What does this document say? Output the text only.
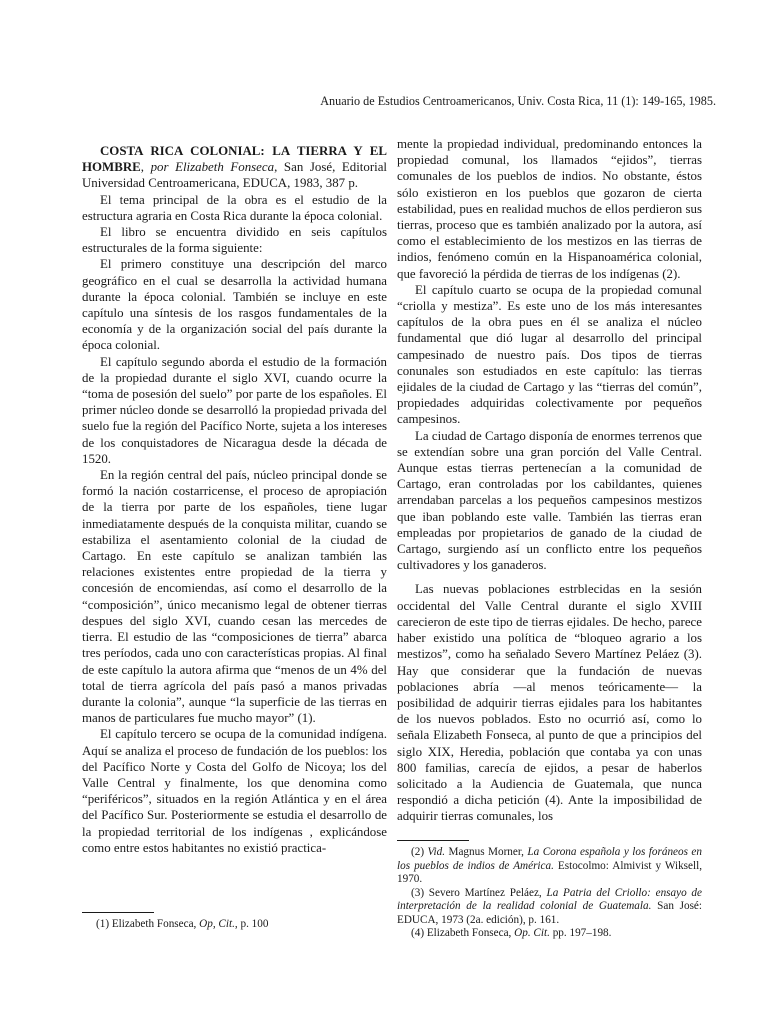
Anuario de Estudios Centroamericanos, Univ. Costa Rica, 11 (1): 149-165, 1985.

COSTA RICA COLONIAL: LA TIERRA Y EL HOMBRE, por Elizabeth Fonseca, San José, Editorial Universidad Centroamericana, EDUCA, 1983, 387 p.

El tema principal de la obra es el estudio de la estructura agraria en Costa Rica durante la época colonial.

El libro se encuentra dividido en seis capítulos estructurales de la forma siguiente:

El primero constituye una descripción del marco geográfico en el cual se desarrolla la actividad humana durante la época colonial. También se incluye en este capítulo una síntesis de los rasgos fundamentales de la economía y de la organización social del país durante la época colonial.

El capítulo segundo aborda el estudio de la formación de la propiedad durante el siglo XVI, cuando ocurre la “toma de posesión del suelo” por parte de los españoles. El primer núcleo donde se desarrolló la propiedad privada del suelo fue la región del Pacífico Norte, sujeta a los intereses de los conquistadores de Nicaragua desde la década de 1520.

En la región central del país, núcleo principal donde se formó la nación costarricense, el proceso de apropiación de la tierra por parte de los españoles, tiene lugar inmediatamente después de la conquista militar, cuando se estabiliza el asentamiento colonial de la ciudad de Cartago. En este capítulo se analizan también las relaciones existentes entre propiedad de la tierra y concesión de encomiendas, así como el desarrollo de la “composición”, único mecanismo legal de obtener tierras despues del siglo XVI, cuando cesan las mercedes de tierra. El estudio de las “composiciones de tierra” abarca tres períodos, cada uno con características propias. Al final de este capítulo la autora afirma que “menos de un 4% del total de tierra agrícola del país pasó a manos privadas durante la colonia”, aunque “la superficie de las tierras en manos de particulares fue mucho mayor” (1).

El capítulo tercero se ocupa de la comunidad indígena. Aquí se analiza el proceso de fundación de los pueblos: los del Pacífico Norte y Costa del Golfo de Nicoya; los del Valle Central y finalmente, los que denomina como “periféricos”, situados en la región Atlántica y en el área del Pacífico Sur. Posteriormente se estudia el desarrollo de la propiedad territorial de los indígenas , explicándose como entre estos habitantes no existió practica-

mente la propiedad individual, predominando entonces la propiedad comunal, los llamados “ejidos”, tierras comunales de los pueblos de indios. No obstante, éstos sólo existieron en los pueblos que gozaron de cierta estabilidad, pues en realidad muchos de ellos perdieron sus tierras, proceso que es también analizado por la autora, así como el establecimiento de los mestizos en las tierras de indios, fenómeno común en la Hispanoamérica colonial, que favoreció la pérdida de tierras de los indígenas (2).

El capítulo cuarto se ocupa de la propiedad comunal “criolla y mestiza”. Es este uno de los más interesantes capítulos de la obra pues en él se analiza el núcleo fundamental que dió lugar al desarrollo del principal campesinado de nuestro país. Dos tipos de tierras conunales son estudiados en este capítulo: las tierras ejidales de la ciudad de Cartago y las “tierras del común”, propiedades adquiridas colectivamente por pequeños campesinos.

La ciudad de Cartago disponía de enormes terrenos que se extendían sobre una gran porción del Valle Central. Aunque estas tierras pertenecían a la comunidad de Cartago, eran controladas por los cabildantes, quienes arrendaban parcelas a los pequeños campesinos mestizos que iban poblando este valle. También las tierras eran empleadas por propietarios de ganado de la ciudad de Cartago, surgiendo así un conflicto entre los pequeños cultivadores y los ganaderos.

Las nuevas poblaciones estrblecidas en la sesión occidental del Valle Central durante el siglo XVIII carecieron de este tipo de tierras ejidales. De hecho, parece haber existido una política de “bloqueo agrario a los mestizos”, como ha señalado Severo Martínez Peláez (3). Hay que considerar que la fundación de nuevas poblaciones abría —al menos teóricamente— la posibilidad de adquirir tierras ejidales para los habitantes de los nuevos poblados. Esto no ocurrió así, como lo señala Elizabeth Fonseca, al punto de que a principios del siglo XIX, Heredia, población que contaba ya con unas 800 familias, carecía de ejidos, a pesar de haberlos solicitado a la Audiencia de Guatemala, que nunca respondió a dicha petición (4). Ante la imposibilidad de adquirir tierras comunales, los

(1) Elizabeth Fonseca, Op, Cit., p. 100

(2) Vid. Magnus Morner, La Corona española y los foráneos en los pueblos de indios de América. Estocolmo: Almivist y Wiksell, 1970.

(3) Severo Martínez Peláez, La Patria del Criollo: ensayo de interpretación de la realidad colonial de Guatemala. San José: EDUCA, 1973 (2a. edición), p. 161.

(4) Elizabeth Fonseca, Op. Cit. pp. 197–198.
